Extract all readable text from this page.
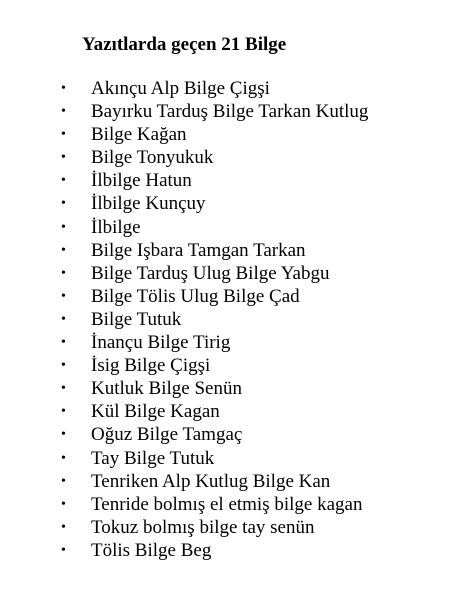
Yazıtlarda geçen 21 Bilge
• Akınçu Alp Bilge Çigşi
• Bayırku Tarduş Bilge Tarkan Kutlug
• Bilge Kağan
• Bilge Tonyukuk
• İlbilge Hatun
• İlbilge Kunçuy
• İlbilge
• Bilge Işbara Tamgan Tarkan
• Bilge Tarduş Ulug Bilge Yabgu
• Bilge Tölis Ulug Bilge Çad
• Bilge Tutuk
• İnançu Bilge Tirig
• İsig Bilge Çigşi
• Kutluk Bilge Senün
• Kül Bilge Kagan
• Oğuz Bilge Tamgaç
• Tay Bilge Tutuk
• Tenriken Alp Kutlug Bilge Kan
• Tenride bolmış el etmiş bilge kagan
• Tokuz bolmış bilge tay senün
• Tölis Bilge Beg
